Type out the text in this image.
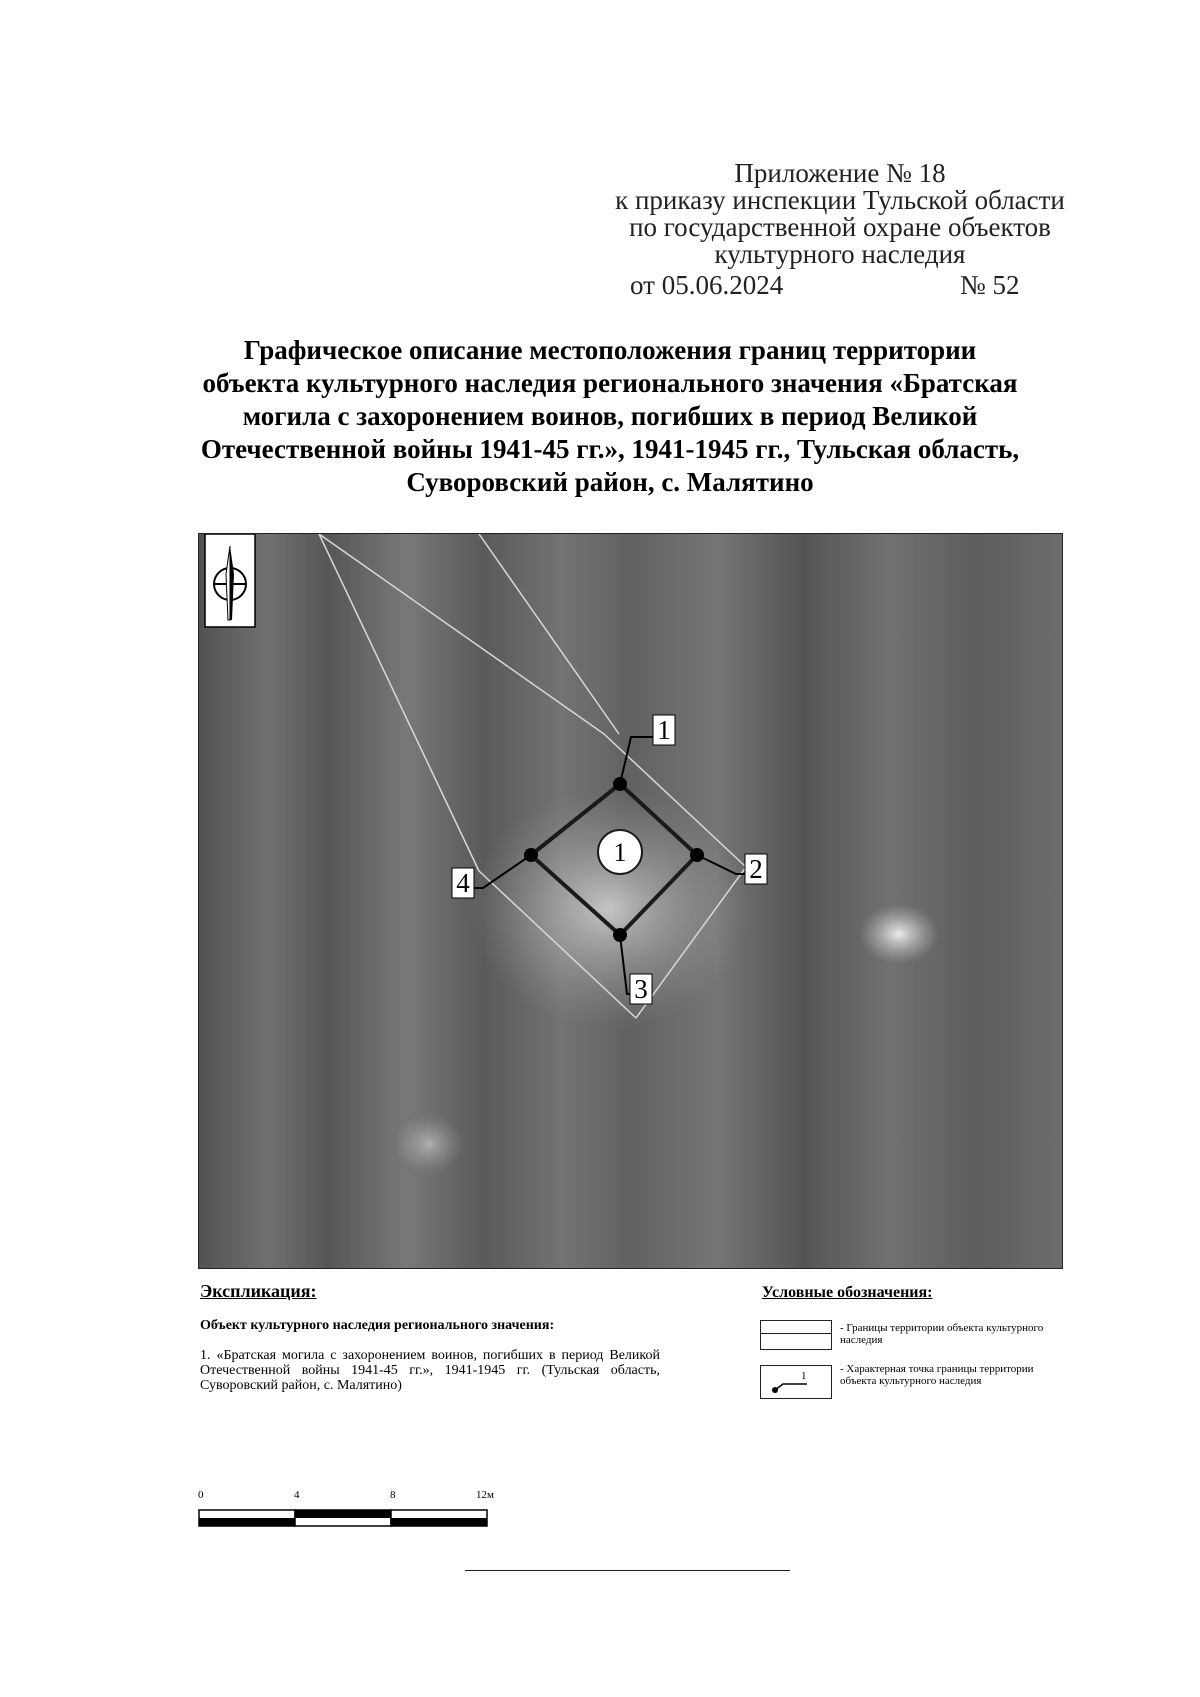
Приложение № 18
к приказу инспекции Тульской области
по государственной охране объектов
культурного наследия
от 05.06.2024	№ 52
Графическое описание местоположения границ территории
объекта культурного наследия регионального значения «Братская
могила с захоронением воинов, погибших в период Великой
Отечественной войны 1941-45 гг.», 1941-1945 гг., Тульская область,
Суворовский район, с. Малятино
1
1
2
3
4
Экспликация:
Объект культурного наследия регионального значения:
1. «Братская могила с захоронением воинов, погибших в период Великой Отечественной войны 1941-45 гг.», 1941-1945 гг. (Тульская область, Суворовский район, с. Малятино)
Условные обозначения:
- Границы территории объекта культурного наследия
1
- Характерная точка границы территории объекта культурного наследия
0	4	8	12м
